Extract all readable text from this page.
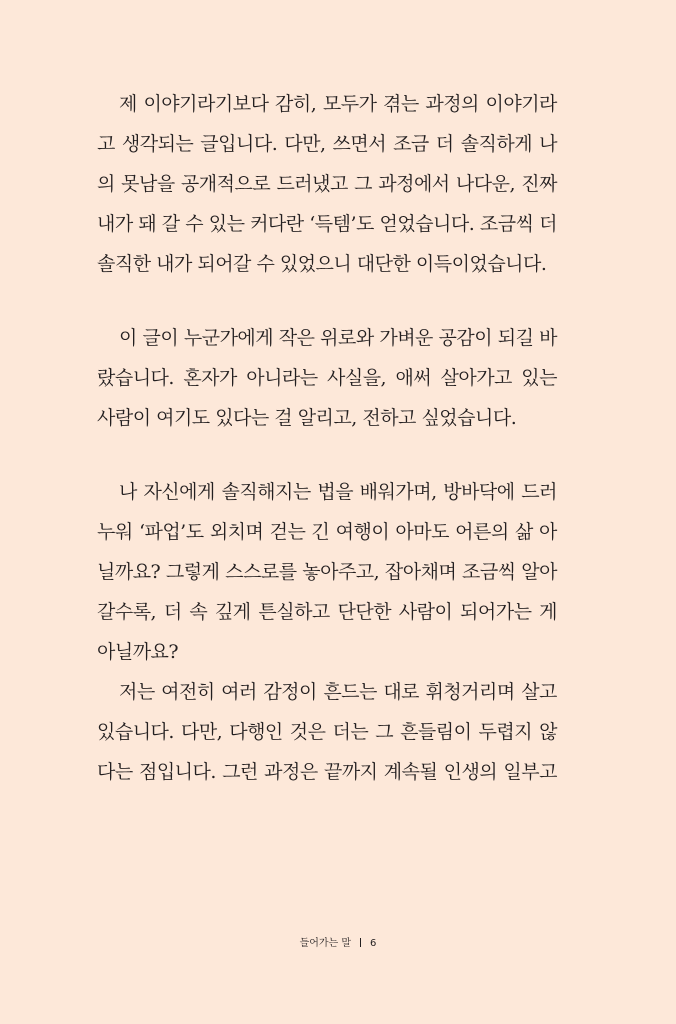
제 이야기라기보다 감히, 모두가 겪는 과정의 이야기라
고 생각되는 글입니다. 다만, 쓰면서 조금 더 솔직하게 나
의 못남을 공개적으로 드러냈고 그 과정에서 나다운, 진짜
내가 돼 갈 수 있는 커다란 ‘득템’도 얻었습니다. 조금씩 더
솔직한 내가 되어갈 수 있었으니 대단한 이득이었습니다.
이 글이 누군가에게 작은 위로와 가벼운 공감이 되길 바
랐습니다. 혼자가 아니라는 사실을, 애써 살아가고 있는
사람이 여기도 있다는 걸 알리고, 전하고 싶었습니다.
나 자신에게 솔직해지는 법을 배워가며, 방바닥에 드러
누워 ‘파업’도 외치며 걷는 긴 여행이 아마도 어른의 삶 아
닐까요? 그렇게 스스로를 놓아주고, 잡아채며 조금씩 알아
갈수록, 더 속 깊게 튼실하고 단단한 사람이 되어가는 게
아닐까요?
저는 여전히 여러 감정이 흔드는 대로 휘청거리며 살고
있습니다. 다만, 다행인 것은 더는 그 흔들림이 두렵지 않
다는 점입니다. 그런 과정은 끝까지 계속될 인생의 일부고
들어가는 말 6
